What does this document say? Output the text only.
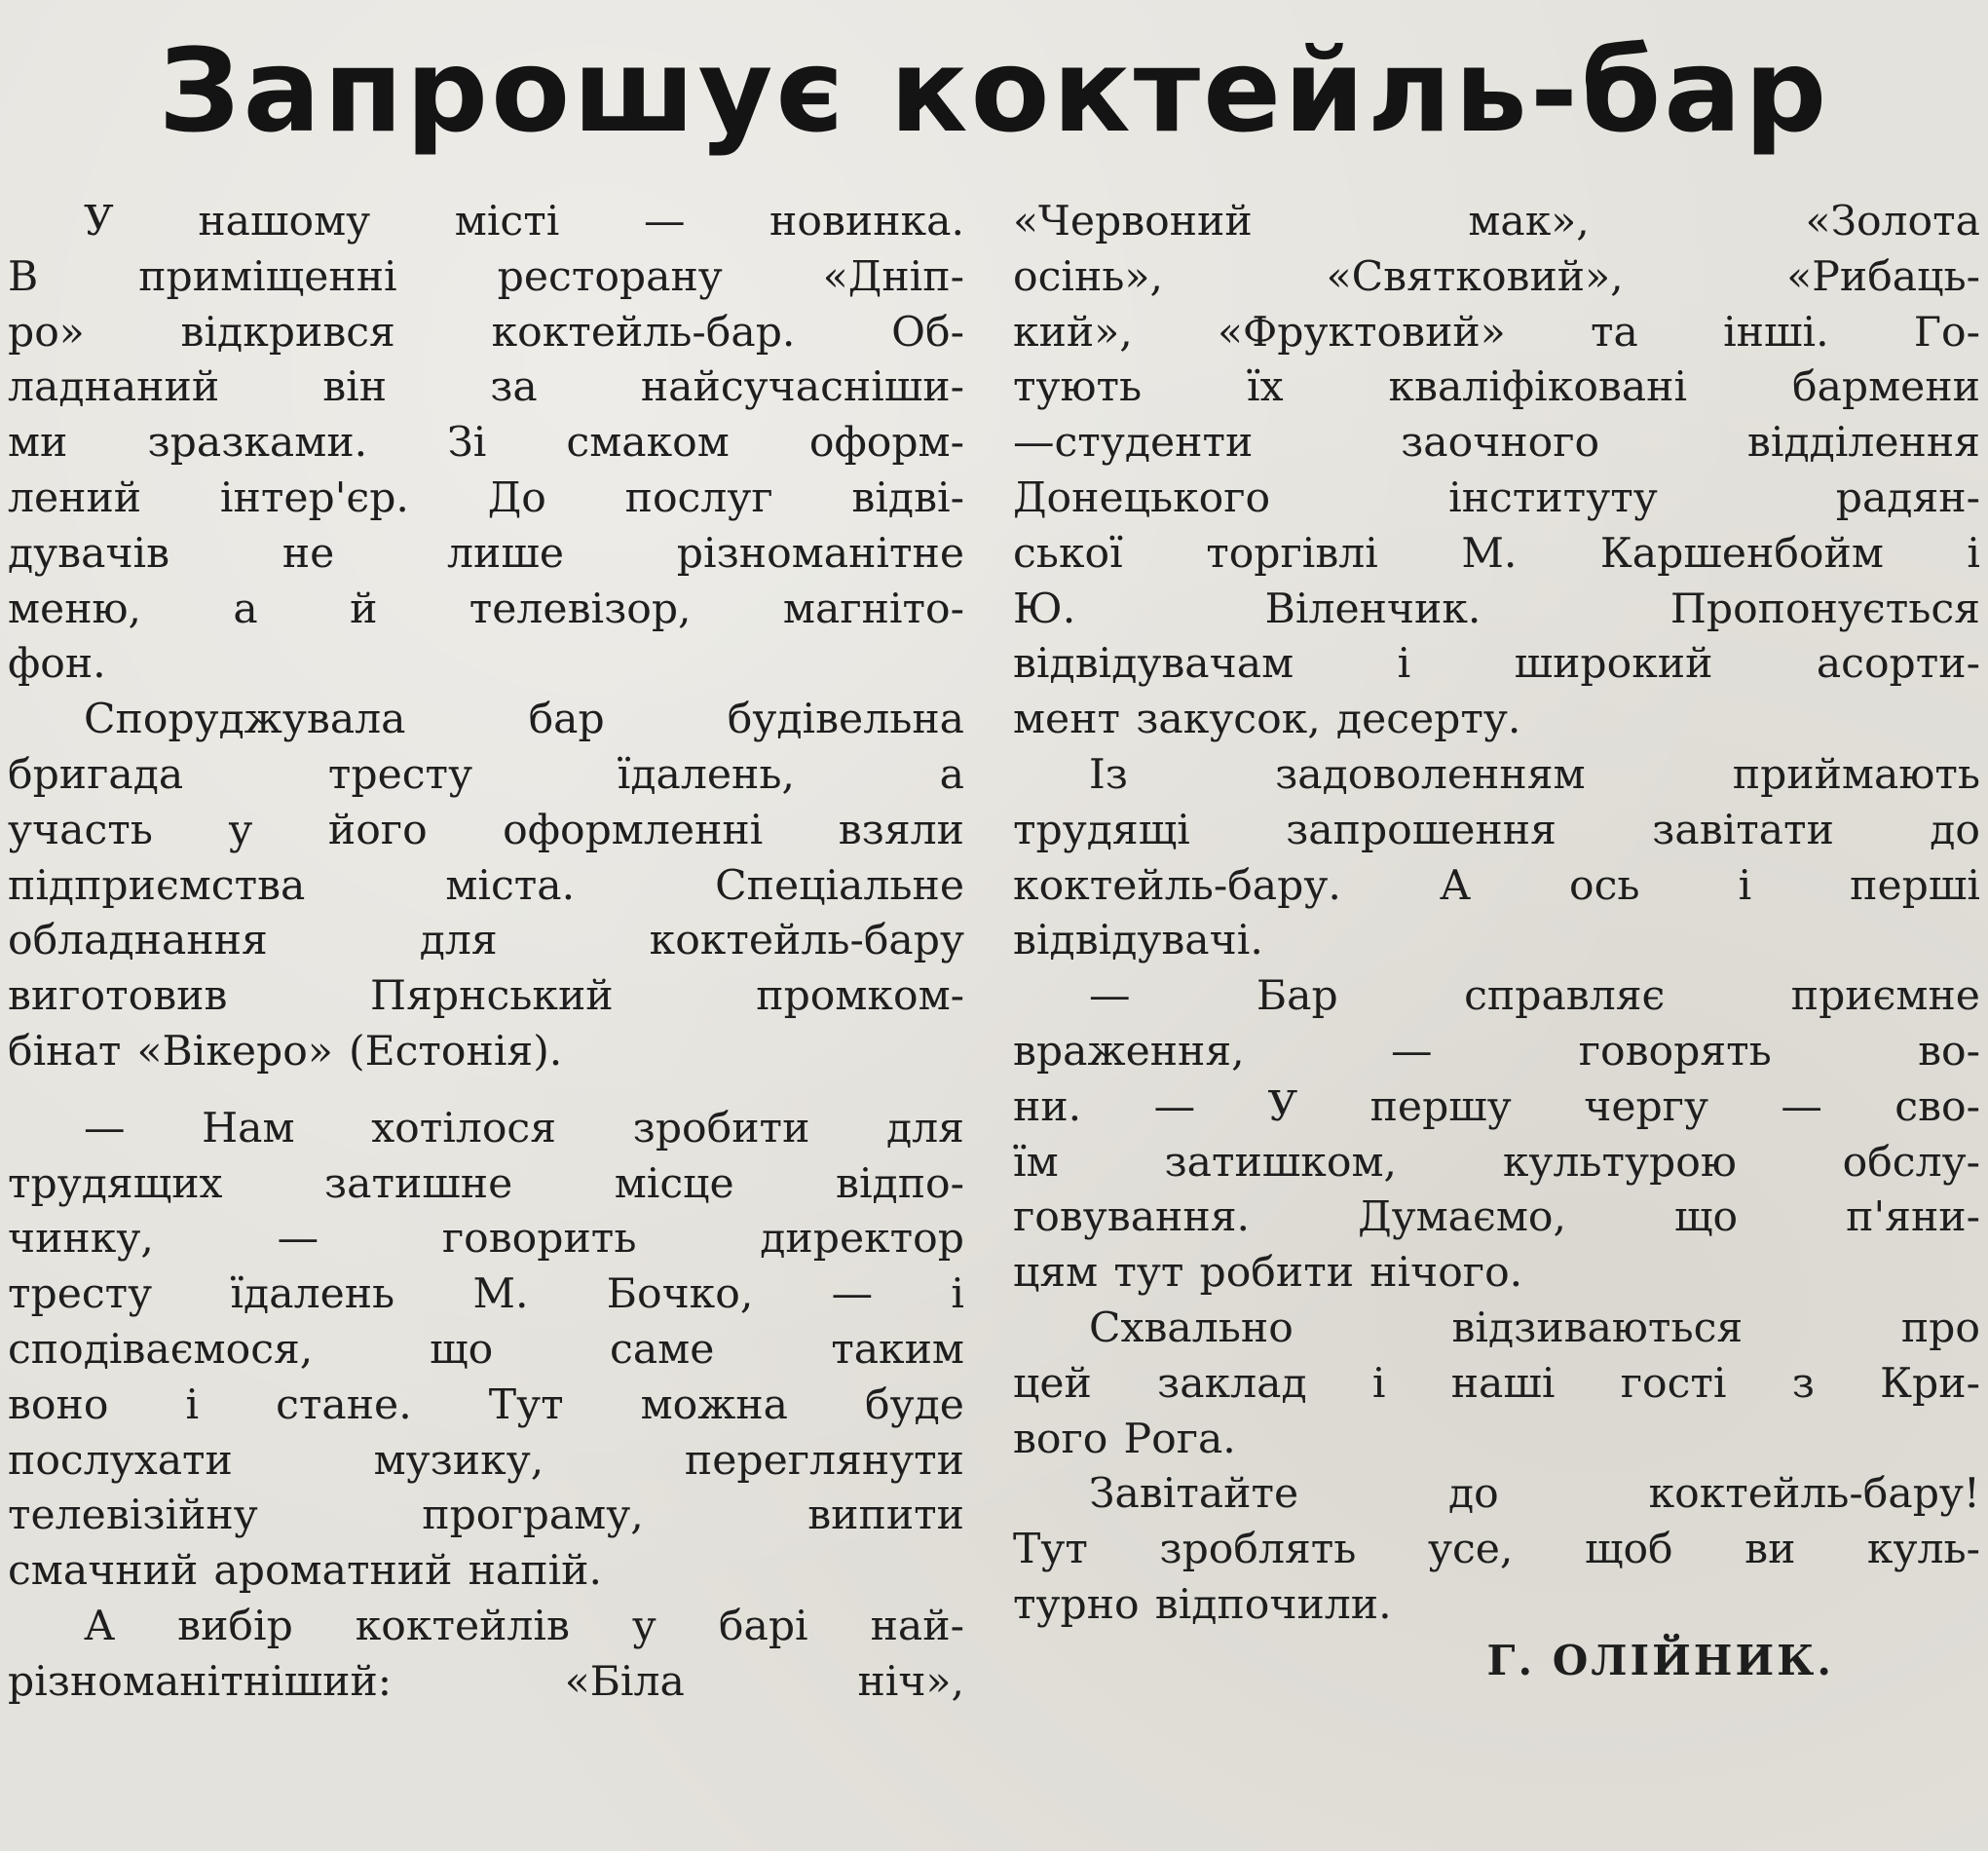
Запрошує коктейль-бар
У нашому місті — новинка.
В приміщенні ресторану «Дніп-
ро» відкрився коктейль-бар. Об-
ладнаний він за найсучасніши-
ми зразками. Зі смаком оформ-
лений інтер'єр. До послуг відві-
дувачів	не	лише	різноманітне
меню, а й телевізор, магніто-
фон.
Споруджувала	бар	будівельна
бригада	тресту	їдалень,	а
участь у його оформленні взяли
підприємства	міста.	Спеціальне
обладнання	для	коктейль-бару
виготовив	Пярнський	промком-
бінат «Вікеро» (Естонія).
— Нам хотілося зробити для
трудящих затишне місце відпо-
чинку,	—	говорить	директор
тресту їдалень М. Бочко, — і
сподіваємося,	що	саме	таким
воно і стане. Тут можна буде
послухати	музику,	переглянути
телевізійну	програму,	випити
смачний ароматний напій.
А вибір коктейлів у барі най-
різноманітніший:	«Біла	ніч»,
«Червоний	мак»,	«Золота
осінь»,	«Святковий»,	«Рибаць-
кий», «Фруктовий» та інші. Го-
тують	їх	кваліфіковані	бармени
—студенти	заочного	відділення
Донецького	інституту	радян-
ської торгівлі М. Каршенбойм і
Ю.	Віленчик.	Пропонується
відвідувачам	і	широкий	асорти-
мент закусок, десерту.
Із	задоволенням	приймають
трудящі запрошення завітати до
коктейль-бару. А ось і перші
відвідувачі.
—	Бар	справляє	приємне
враження,	—	говорять	во-
ни. — У першу чергу — сво-
їм	затишком,	культурою	обслу-
говування.	Думаємо,	що	п'яни-
цям тут робити нічого.
Схвально	відзиваються	про
цей заклад і наші гості з Кри-
вого Рога.
Завітайте	до	коктейль-бару!
Тут зроблять усе, щоб ви куль-
турно відпочили.
Г. ОЛІЙНИК.
